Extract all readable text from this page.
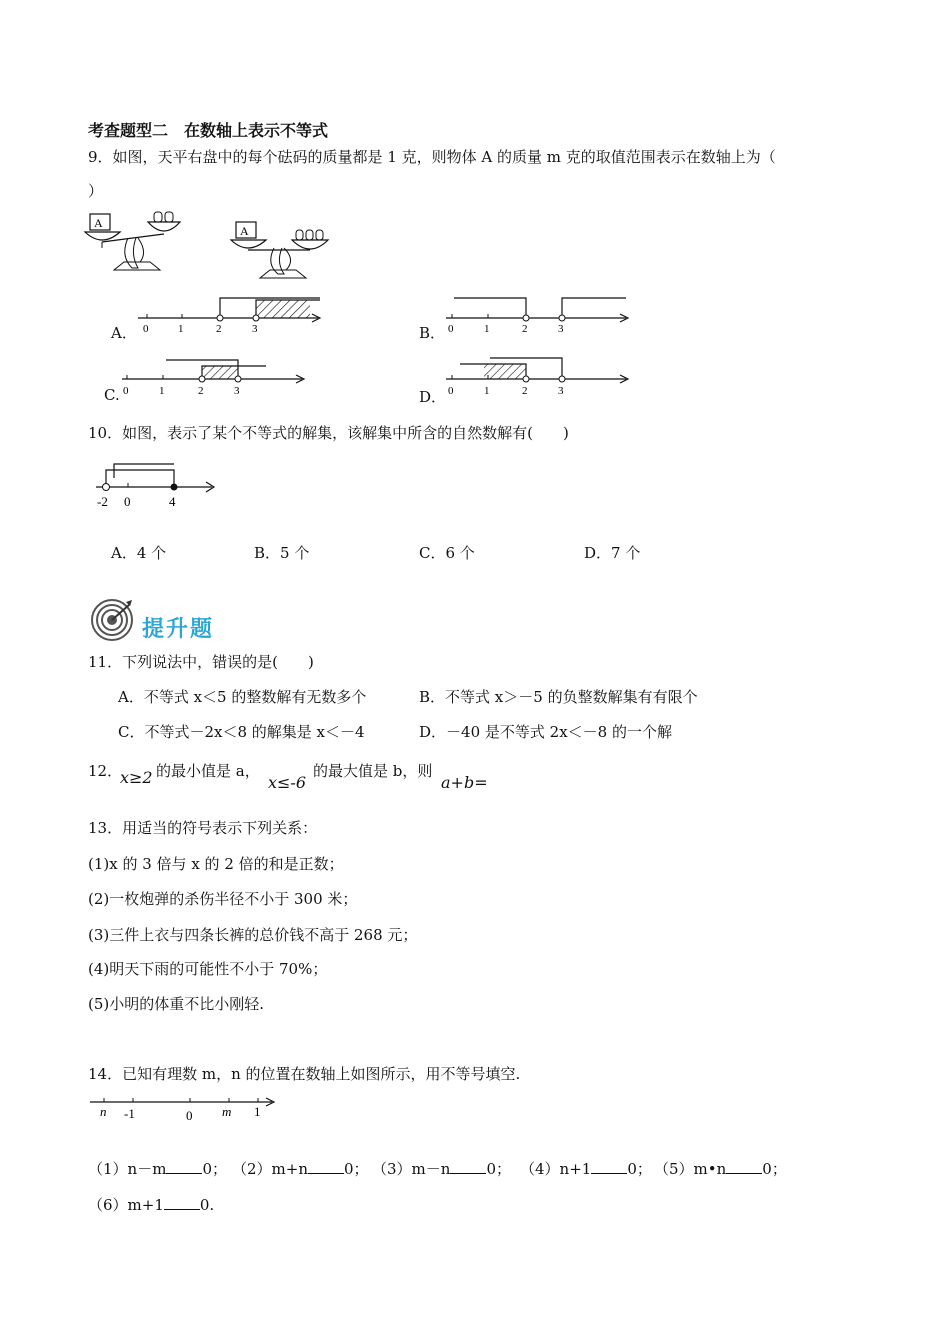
考查题型二　在数轴上表示不等式
9．如图，天平右盘中的每个砝码的质量都是 1 克，则物体 A 的质量 m 克的取值范围表示在数轴上为（
）
A
A
A． 0	1	2	3	B． 0	1	2	3
C. 0	1	2	3	D． 0	1	2	3
10．如图，表示了某个不等式的解集，该解集中所含的自然数解有(　　)
-2 0	4
A．4 个	B．5 个	C．6 个	D．7 个
提升题
11．下列说法中，错误的是(　　)
A．不等式 x＜5 的整数解有无数多个	B．不等式 x＞－5 的负整数解集有有限个
C．不等式－2x＜8 的解集是 x＜－4	D．－40 是不等式 2x＜－8 的一个解
12．
x≥2 的最小值是 a，
x≤-6
的最大值是 b，则
a+b=
13．用适当的符号表示下列关系：
(1)x 的 3 倍与 x 的 2 倍的和是正数；
(2)一枚炮弹的杀伤半径不小于 300 米；
(3)三件上衣与四条长裤的总价钱不高于 268 元；
(4)明天下雨的可能性不小于 70%；
(5)小明的体重不比小刚轻.
14．已知有理数 m，n 的位置在数轴上如图所示，用不等号填空.
n -1	0 m 1
（1）n－m 0； （2）m+n 0； （3）m－n 0； （4）n+1 0； （5）m•n 0；
（6）m+1 0.
